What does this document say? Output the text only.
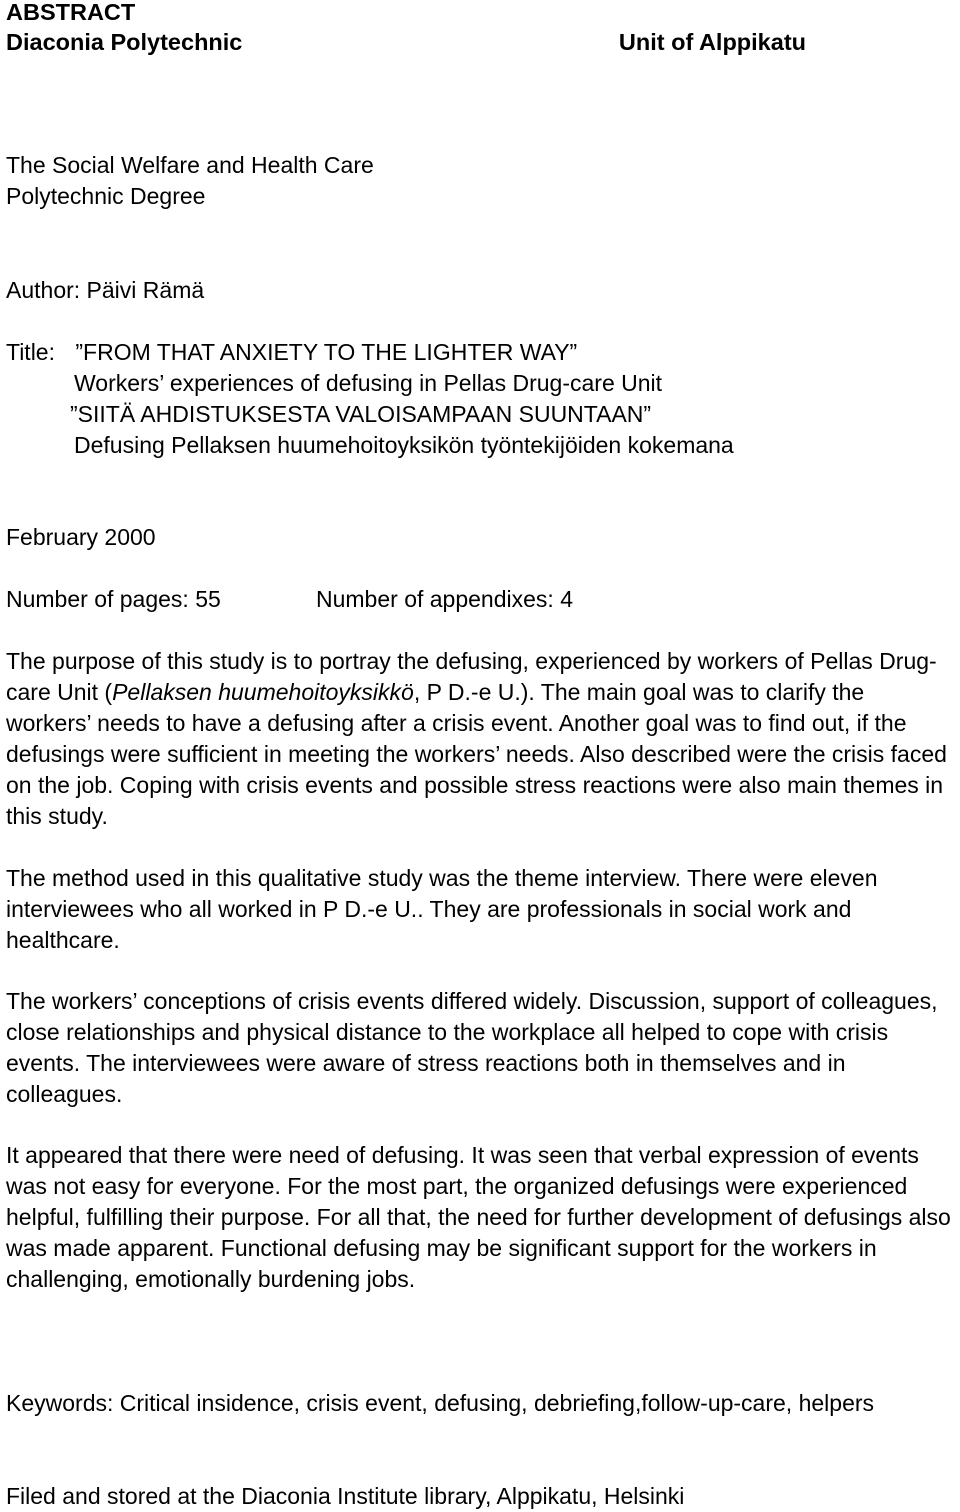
ABSTRACT
Diaconia Polytechnic	Unit of Alppikatu
The Social Welfare and Health Care
Polytechnic Degree
Author: Päivi Rämä
Title: ”FROM THAT ANXIETY TO THE LIGHTER WAY”
Workers’ experiences of defusing in Pellas Drug-care Unit
”SIITÄ AHDISTUKSESTA VALOISAMPAAN SUUNTAAN”
Defusing Pellaksen huumehoitoyksikön työntekijöiden kokemana
February 2000
Number of pages: 55	Number of appendixes: 4

The purpose of this study is to portray the defusing, experienced by workers of Pellas Drug-care Unit (Pellaksen huumehoitoyksikkö, P D.-e U.). The main goal was to clarify the workers’ needs to have a defusing after a crisis event. Another goal was to find out, if the defusings were sufficient in meeting the workers’ needs. Also described were the crisis faced on the job. Coping with crisis events and possible stress reactions were also main themes in this study.

The method used in this qualitative study was the theme interview. There were eleven interviewees who all worked in P D.-e U.. They are professionals in social work and healthcare.

The workers’ conceptions of crisis events differed widely. Discussion, support of colleagues, close relationships and physical distance to the workplace all helped to cope with crisis events. The interviewees were aware of stress reactions both in themselves and in colleagues.

It appeared that there were need of defusing. It was seen that verbal expression of events was not easy for everyone. For the most part, the organized defusings were experienced helpful, fulfilling their purpose. For all that, the need for further development of defusings also was made apparent. Functional defusing may be significant support for the workers in challenging, emotionally burdening jobs.

Keywords: Critical insidence, crisis event, defusing, debriefing,follow-up-care, helpers

Filed and stored at the Diaconia Institute library, Alppikatu, Helsinki
